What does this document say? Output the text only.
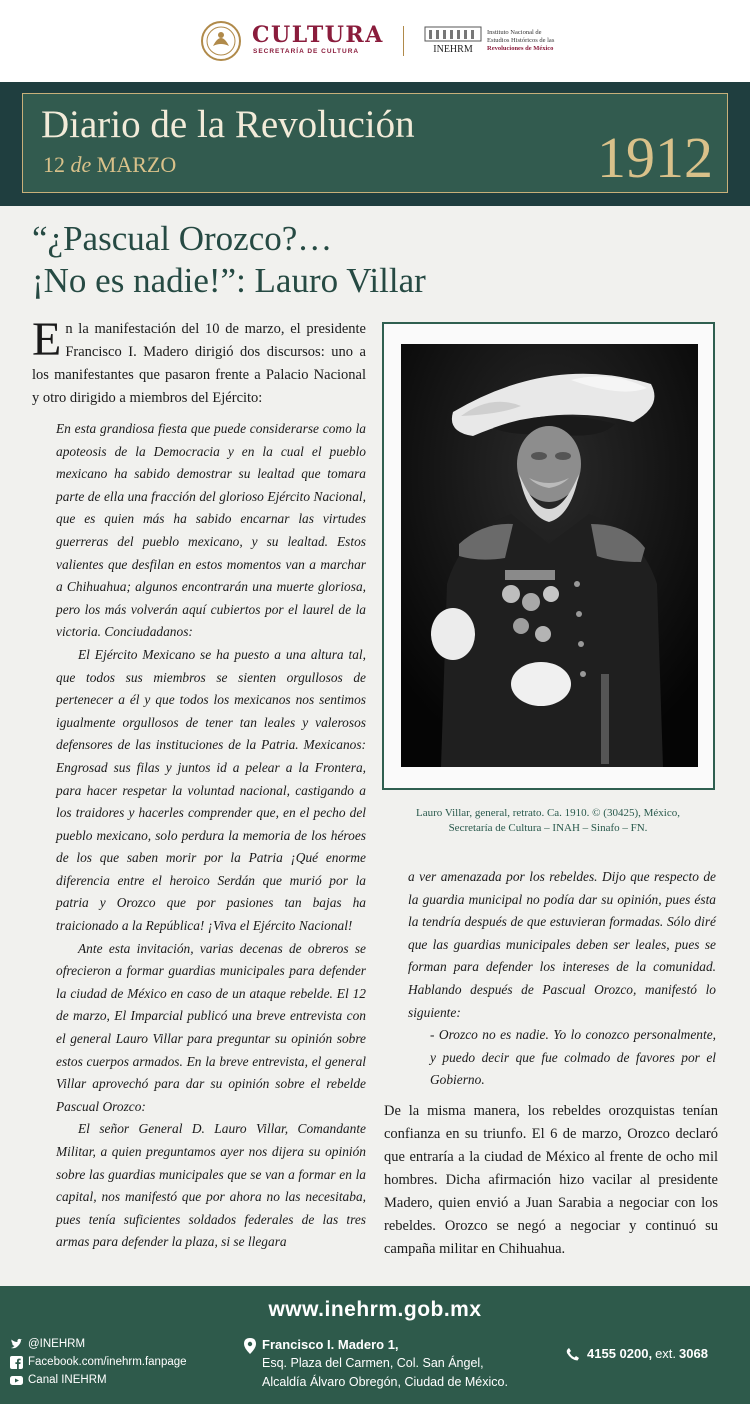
CULTURA
SECRETARÍA DE CULTURA	INEHRM
Instituto Nacional de
Estudios Históricos de las
Revoluciones de México
Diario de la Revolución
12 de MARZO	1912
“¿Pascual Orozco?…
¡No es nadie!”: Lauro Villar
En la manifestación del 10 de marzo, el presidente Francisco I. Madero dirigió dos discursos: uno a los manifestantes que pasaron frente a Palacio Nacional y otro dirigido a miembros del Ejército:

En esta grandiosa fiesta que puede considerarse como la apoteosis de la Democracia y en la cual el pueblo mexicano ha sabido demostrar su lealtad que tomara parte de ella una fracción del glorioso Ejército Nacional, que es quien más ha sabido encarnar las virtudes guerreras del pueblo mexicano, y su lealtad. Estos valientes que desfilan en estos momentos van a marchar a Chihuahua; algunos encontrarán una muerte gloriosa, pero los más volverán aquí cubiertos por el laurel de la victoria. Conciudadanos:

El Ejército Mexicano se ha puesto a una altura tal, que todos sus miembros se sienten orgullosos de pertenecer a él y que todos los mexicanos nos sentimos igualmente orgullosos de tener tan leales y valerosos defensores de las instituciones de la Patria. Mexicanos: Engrosad sus filas y juntos id a pelear a la Frontera, para hacer respetar la voluntad nacional, castigando a los traidores y hacerles comprender que, en el pecho del pueblo mexicano, solo perdura la memoria de los héroes de los que saben morir por la Patria ¡Qué enorme diferencia entre el heroico Serdán que murió por la patria y Orozco que por pasiones tan bajas ha traicionado a la República! ¡Viva el Ejército Nacional!

Ante esta invitación, varias decenas de obreros se ofrecieron a formar guardias municipales para defender la ciudad de México en caso de un ataque rebelde. El 12 de marzo, El Imparcial publicó una breve entrevista con el general Lauro Villar para preguntar su opinión sobre estos cuerpos armados. En la breve entrevista, el general Villar aprovechó para dar su opinión sobre el rebelde Pascual Orozco:

El señor General D. Lauro Villar, Comandante Militar, a quien preguntamos ayer nos dijera su opinión sobre las guardias municipales que se van a formar en la capital, nos manifestó que por ahora no las necesitaba, pues tenía suficientes soldados federales de las tres armas para defender la plaza, si se llegara

Lauro Villar, general, retrato. Ca. 1910. © (30425), México,
Secretaría de Cultura – INAH – Sinafo – FN.

a ver amenazada por los rebeldes. Dijo que respecto de la guardia municipal no podía dar su opinión, pues ésta la tendría después de que estuvieran formadas. Sólo diré que las guardias municipales deben ser leales, pues se forman para defender los intereses de la comunidad. Hablando después de Pascual Orozco, manifestó lo siguiente:

- Orozco no es nadie. Yo lo conozco personalmente, y puedo decir que fue colmado de favores por el Gobierno.

De la misma manera, los rebeldes orozquistas tenían confianza en su triunfo. El 6 de marzo, Orozco declaró que entraría a la ciudad de México al frente de ocho mil hombres. Dicha afirmación hizo vacilar al presidente Madero, quien envió a Juan Sarabia a negociar con los rebeldes. Orozco se negó a negociar y continuó su campaña militar en Chihuahua.
www.inehrm.gob.mx
@INEHRM
Facebook.com/inehrm.fanpage
Canal INEHRM
Francisco I. Madero 1,
Esq. Plaza del Carmen, Col. San Ángel,
Alcaldía Álvaro Obregón, Ciudad de México.
4155 0200, ext. 3068
